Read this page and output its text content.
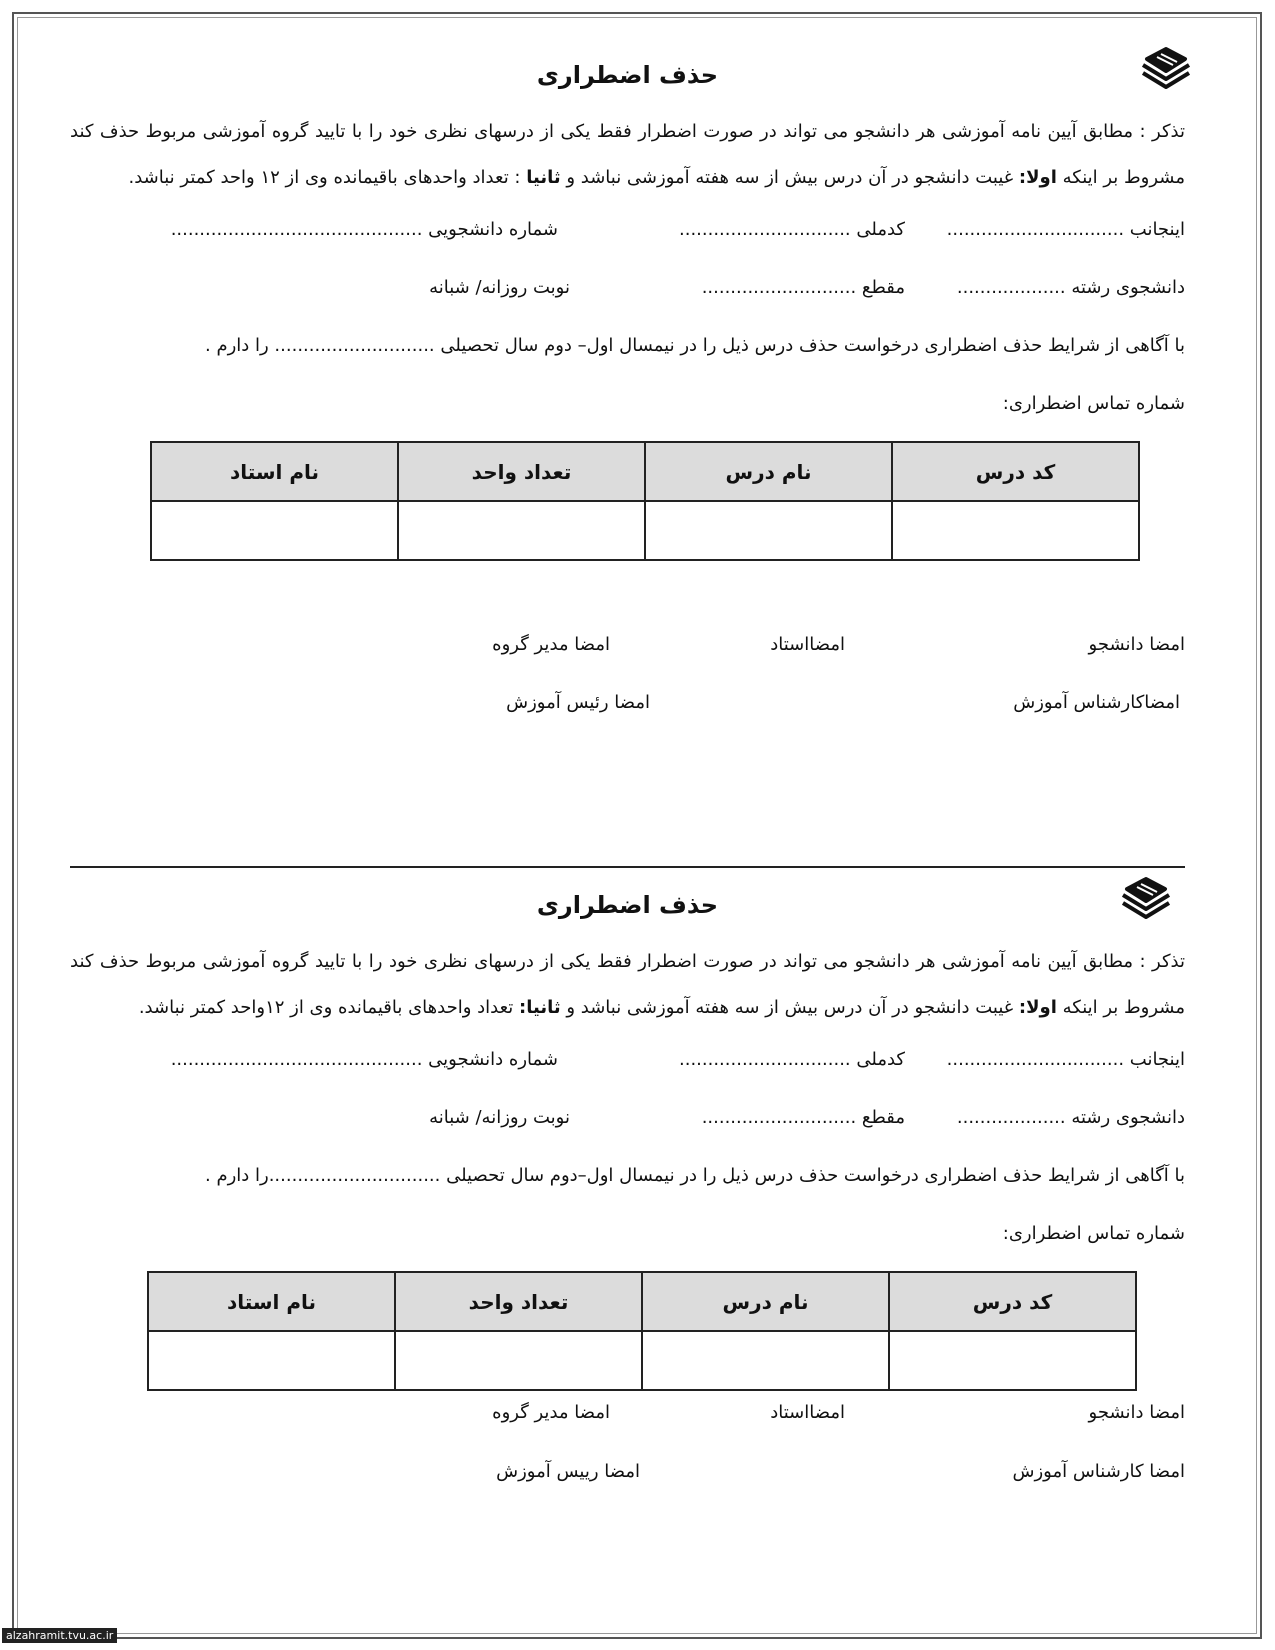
حذف اضطراری
تذکر : مطابق آیین نامه آموزشی هر دانشجو می تواند در صورت اضطرار فقط یکی از درسهای نظری خود را با تایید گروه آموزشی مربوط حذف کند مشروط بر اینکه اولا: غیبت دانشجو در آن درس بیش از سه هفته آموزشی نباشد و ثانیا : تعداد واحدهای باقیمانده وی از ۱۲ واحد کمتر نباشد.
اینجانب ...............................
کدملی ..............................
شماره دانشجویی ............................................
دانشجوی رشته ...................
مقطع ...........................
نوبت روزانه/ شبانه
با آگاهی از شرایط حذف اضطراری درخواست حذف درس ذیل را در نیمسال اول– دوم سال تحصیلی ............................ را دارم .
شماره تماس اضطراری:
کد درس	نام درس	تعداد واحد	نام استاد

امضا دانشجو
امضااستاد
امضا مدیر گروه
امضاکارشناس آموزش
امضا رئیس آموزش
حذف اضطراری
تذکر : مطابق آیین نامه آموزشی هر دانشجو می تواند در صورت اضطرار فقط یکی از درسهای نظری خود را با تایید گروه آموزشی مربوط حذف کند مشروط بر اینکه اولا: غیبت دانشجو در آن درس بیش از سه هفته آموزشی نباشد و ثانیا: تعداد واحدهای باقیمانده وی از ۱۲واحد کمتر نباشد.
اینجانب ...............................
کدملی ..............................
شماره دانشجویی ............................................
دانشجوی رشته ...................
مقطع ...........................
نوبت روزانه/ شبانه
با آگاهی از شرایط حذف اضطراری درخواست حذف درس ذیل را در نیمسال اول–دوم سال تحصیلی ..............................را دارم .
شماره تماس اضطراری:
کد درس	نام درس	تعداد واحد	نام استاد

امضا دانشجو
امضااستاد
امضا مدیر گروه
امضا کارشناس آموزش
امضا رییس آموزش
alzahramit.tvu.ac.ir
